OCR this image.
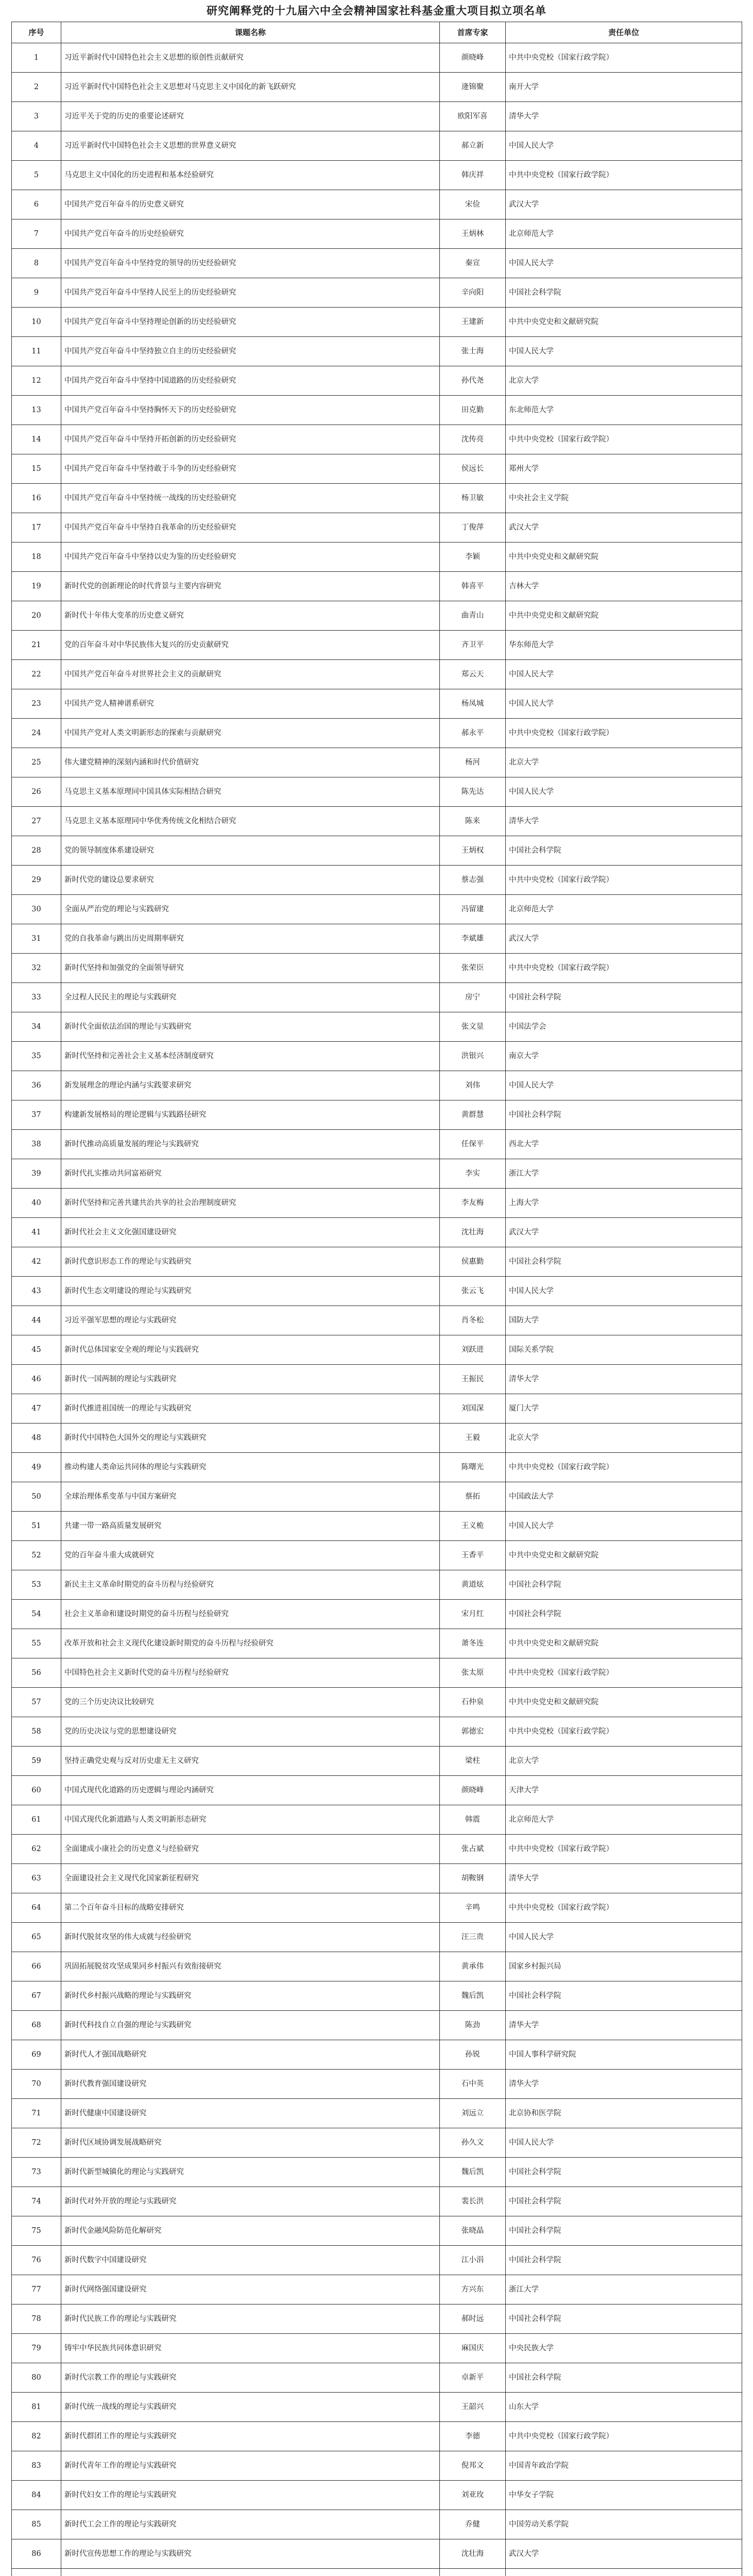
研究阐释党的十九届六中全会精神国家社科基金重大项目拟立项名单
序号	课题名称	首席专家	责任单位
1	习近平新时代中国特色社会主义思想的原创性贡献研究	颜晓峰	中共中央党校（国家行政学院）
2	习近平新时代中国特色社会主义思想对马克思主义中国化的新飞跃研究	逄锦聚	南开大学
3	习近平关于党的历史的重要论述研究	欧阳军喜	清华大学
4	习近平新时代中国特色社会主义思想的世界意义研究	郝立新	中国人民大学
5	马克思主义中国化的历史进程和基本经验研究	韩庆祥	中共中央党校（国家行政学院）
6	中国共产党百年奋斗的历史意义研究	宋俭	武汉大学
7	中国共产党百年奋斗的历史经验研究	王炳林	北京师范大学
8	中国共产党百年奋斗中坚持党的领导的历史经验研究	秦宣	中国人民大学
9	中国共产党百年奋斗中坚持人民至上的历史经验研究	辛向阳	中国社会科学院
10	中国共产党百年奋斗中坚持理论创新的历史经验研究	王建新	中共中央党史和文献研究院
11	中国共产党百年奋斗中坚持独立自主的历史经验研究	张士海	中国人民大学
12	中国共产党百年奋斗中坚持中国道路的历史经验研究	孙代尧	北京大学
13	中国共产党百年奋斗中坚持胸怀天下的历史经验研究	田克勤	东北师范大学
14	中国共产党百年奋斗中坚持开拓创新的历史经验研究	沈传亮	中共中央党校（国家行政学院）
15	中国共产党百年奋斗中坚持敢于斗争的历史经验研究	侯远长	郑州大学
16	中国共产党百年奋斗中坚持统一战线的历史经验研究	杨卫敏	中央社会主义学院
17	中国共产党百年奋斗中坚持自我革命的历史经验研究	丁俊萍	武汉大学
18	中国共产党百年奋斗中坚持以史为鉴的历史经验研究	李颖	中共中央党史和文献研究院
19	新时代党的创新理论的时代背景与主要内容研究	韩喜平	吉林大学
20	新时代十年伟大变革的历史意义研究	曲青山	中共中央党史和文献研究院
21	党的百年奋斗对中华民族伟大复兴的历史贡献研究	齐卫平	华东师范大学
22	中国共产党百年奋斗对世界社会主义的贡献研究	郑云天	中国人民大学
23	中国共产党人精神谱系研究	杨凤城	中国人民大学
24	中国共产党对人类文明新形态的探索与贡献研究	郝永平	中共中央党校（国家行政学院）
25	伟大建党精神的深刻内涵和时代价值研究	杨河	北京大学
26	马克思主义基本原理同中国具体实际相结合研究	陈先达	中国人民大学
27	马克思主义基本原理同中华优秀传统文化相结合研究	陈来	清华大学
28	党的领导制度体系建设研究	王炳权	中国社会科学院
29	新时代党的建设总要求研究	蔡志强	中共中央党校（国家行政学院）
30	全面从严治党的理论与实践研究	冯留建	北京师范大学
31	党的自我革命与跳出历史周期率研究	李斌雄	武汉大学
32	新时代坚持和加强党的全面领导研究	张荣臣	中共中央党校（国家行政学院）
33	全过程人民民主的理论与实践研究	房宁	中国社会科学院
34	新时代全面依法治国的理论与实践研究	张文显	中国法学会
35	新时代坚持和完善社会主义基本经济制度研究	洪银兴	南京大学
36	新发展理念的理论内涵与实践要求研究	刘伟	中国人民大学
37	构建新发展格局的理论逻辑与实践路径研究	黄群慧	中国社会科学院
38	新时代推动高质量发展的理论与实践研究	任保平	西北大学
39	新时代扎实推动共同富裕研究	李实	浙江大学
40	新时代坚持和完善共建共治共享的社会治理制度研究	李友梅	上海大学
41	新时代社会主义文化强国建设研究	沈壮海	武汉大学
42	新时代意识形态工作的理论与实践研究	侯惠勤	中国社会科学院
43	新时代生态文明建设的理论与实践研究	张云飞	中国人民大学
44	习近平强军思想的理论与实践研究	肖冬松	国防大学
45	新时代总体国家安全观的理论与实践研究	刘跃进	国际关系学院
46	新时代一国两制的理论与实践研究	王振民	清华大学
47	新时代推进祖国统一的理论与实践研究	刘国深	厦门大学
48	新时代中国特色大国外交的理论与实践研究	王毅	北京大学
49	推动构建人类命运共同体的理论与实践研究	陈曙光	中共中央党校（国家行政学院）
50	全球治理体系变革与中国方案研究	蔡拓	中国政法大学
51	共建一带一路高质量发展研究	王义桅	中国人民大学
52	党的百年奋斗重大成就研究	王香平	中共中央党史和文献研究院
53	新民主主义革命时期党的奋斗历程与经验研究	黄道炫	中国社会科学院
54	社会主义革命和建设时期党的奋斗历程与经验研究	宋月红	中国社会科学院
55	改革开放和社会主义现代化建设新时期党的奋斗历程与经验研究	萧冬连	中共中央党史和文献研究院
56	中国特色社会主义新时代党的奋斗历程与经验研究	张太原	中共中央党校（国家行政学院）
57	党的三个历史决议比较研究	石仲泉	中共中央党史和文献研究院
58	党的历史决议与党的思想建设研究	郭德宏	中共中央党校（国家行政学院）
59	坚持正确党史观与反对历史虚无主义研究	梁柱	北京大学
60	中国式现代化道路的历史逻辑与理论内涵研究	颜晓峰	天津大学
61	中国式现代化新道路与人类文明新形态研究	韩震	北京师范大学
62	全面建成小康社会的历史意义与经验研究	张占斌	中共中央党校（国家行政学院）
63	全面建设社会主义现代化国家新征程研究	胡鞍钢	清华大学
64	第二个百年奋斗目标的战略安排研究	辛鸣	中共中央党校（国家行政学院）
65	新时代脱贫攻坚的伟大成就与经验研究	汪三贵	中国人民大学
66	巩固拓展脱贫攻坚成果同乡村振兴有效衔接研究	黄承伟	国家乡村振兴局
67	新时代乡村振兴战略的理论与实践研究	魏后凯	中国社会科学院
68	新时代科技自立自强的理论与实践研究	陈劲	清华大学
69	新时代人才强国战略研究	孙锐	中国人事科学研究院
70	新时代教育强国建设研究	石中英	清华大学
71	新时代健康中国建设研究	刘远立	北京协和医学院
72	新时代区域协调发展战略研究	孙久文	中国人民大学
73	新时代新型城镇化的理论与实践研究	魏后凯	中国社会科学院
74	新时代对外开放的理论与实践研究	裴长洪	中国社会科学院
75	新时代金融风险防范化解研究	张晓晶	中国社会科学院
76	新时代数字中国建设研究	江小涓	中国社会科学院
77	新时代网络强国建设研究	方兴东	浙江大学
78	新时代民族工作的理论与实践研究	郝时远	中国社会科学院
79	铸牢中华民族共同体意识研究	麻国庆	中央民族大学
80	新时代宗教工作的理论与实践研究	卓新平	中国社会科学院
81	新时代统一战线的理论与实践研究	王韶兴	山东大学
82	新时代群团工作的理论与实践研究	李德	中共中央党校（国家行政学院）
83	新时代青年工作的理论与实践研究	倪邦文	中国青年政治学院
84	新时代妇女工作的理论与实践研究	刘亚玫	中华女子学院
85	新时代工会工作的理论与实践研究	乔健	中国劳动关系学院
86	新时代宣传思想工作的理论与实践研究	沈壮海	武汉大学
